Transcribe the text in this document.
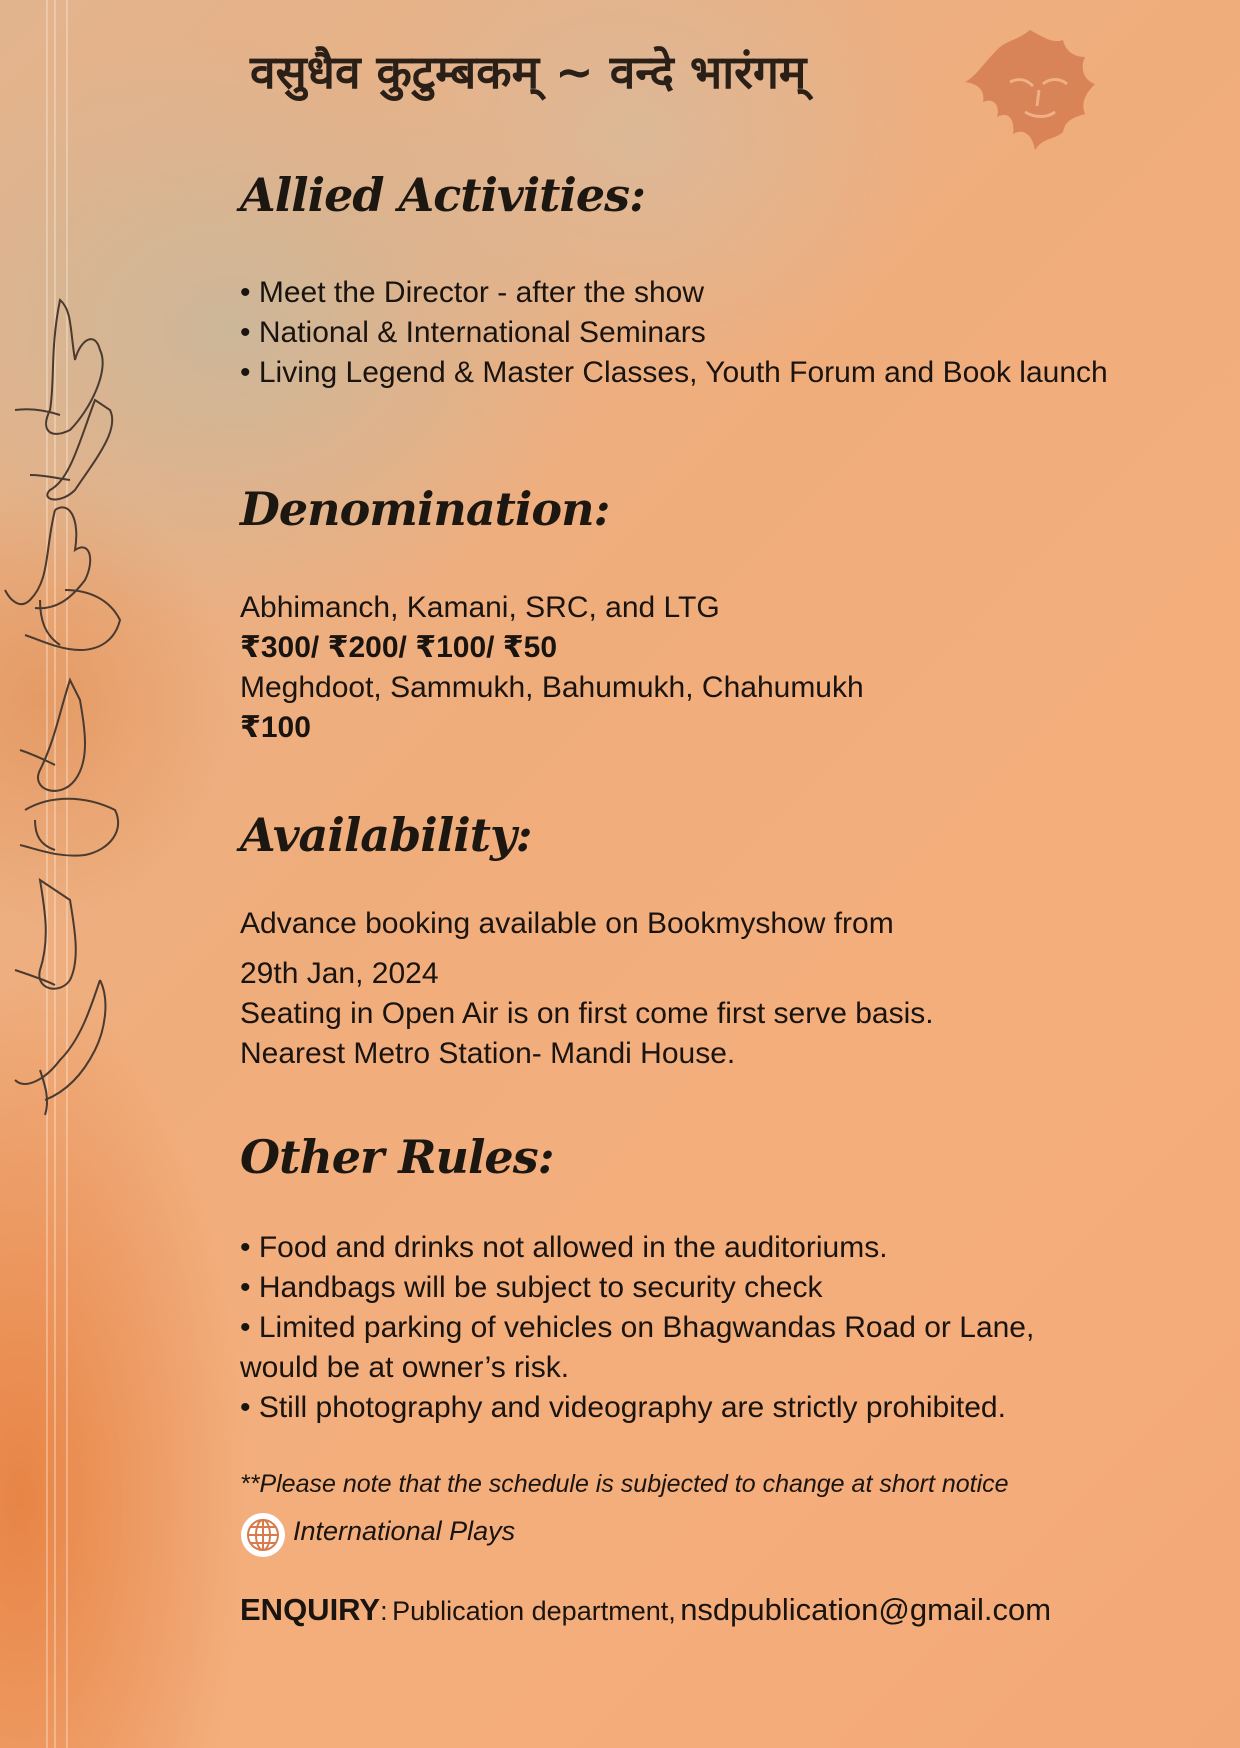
वसुधैव कुटुम्बकम् ~ वन्दे भारंगम्
Allied Activities:

• Meet the Director - after the show

• National & International Seminars

• Living Legend & Master Classes, Youth Forum and Book launch

Denomination:

Abhimanch, Kamani, SRC, and LTG

₹300/ ₹200/ ₹100/ ₹50

Meghdoot, Sammukh, Bahumukh, Chahumukh

₹100

Availability:

Advance booking available on Bookmyshow from

29th Jan, 2024

Seating in Open Air is on first come first serve basis.

Nearest Metro Station- Mandi House.

Other Rules:

• Food and drinks not allowed in the auditoriums.

• Handbags will be subject to security check

• Limited parking of vehicles on Bhagwandas Road or Lane, would be at owner’s risk.

• Still photography and videography are strictly prohibited.

**Please note that the schedule is subjected to change at short notice

International Plays

ENQUIRY: Publication department, nsdpublication@gmail.com
